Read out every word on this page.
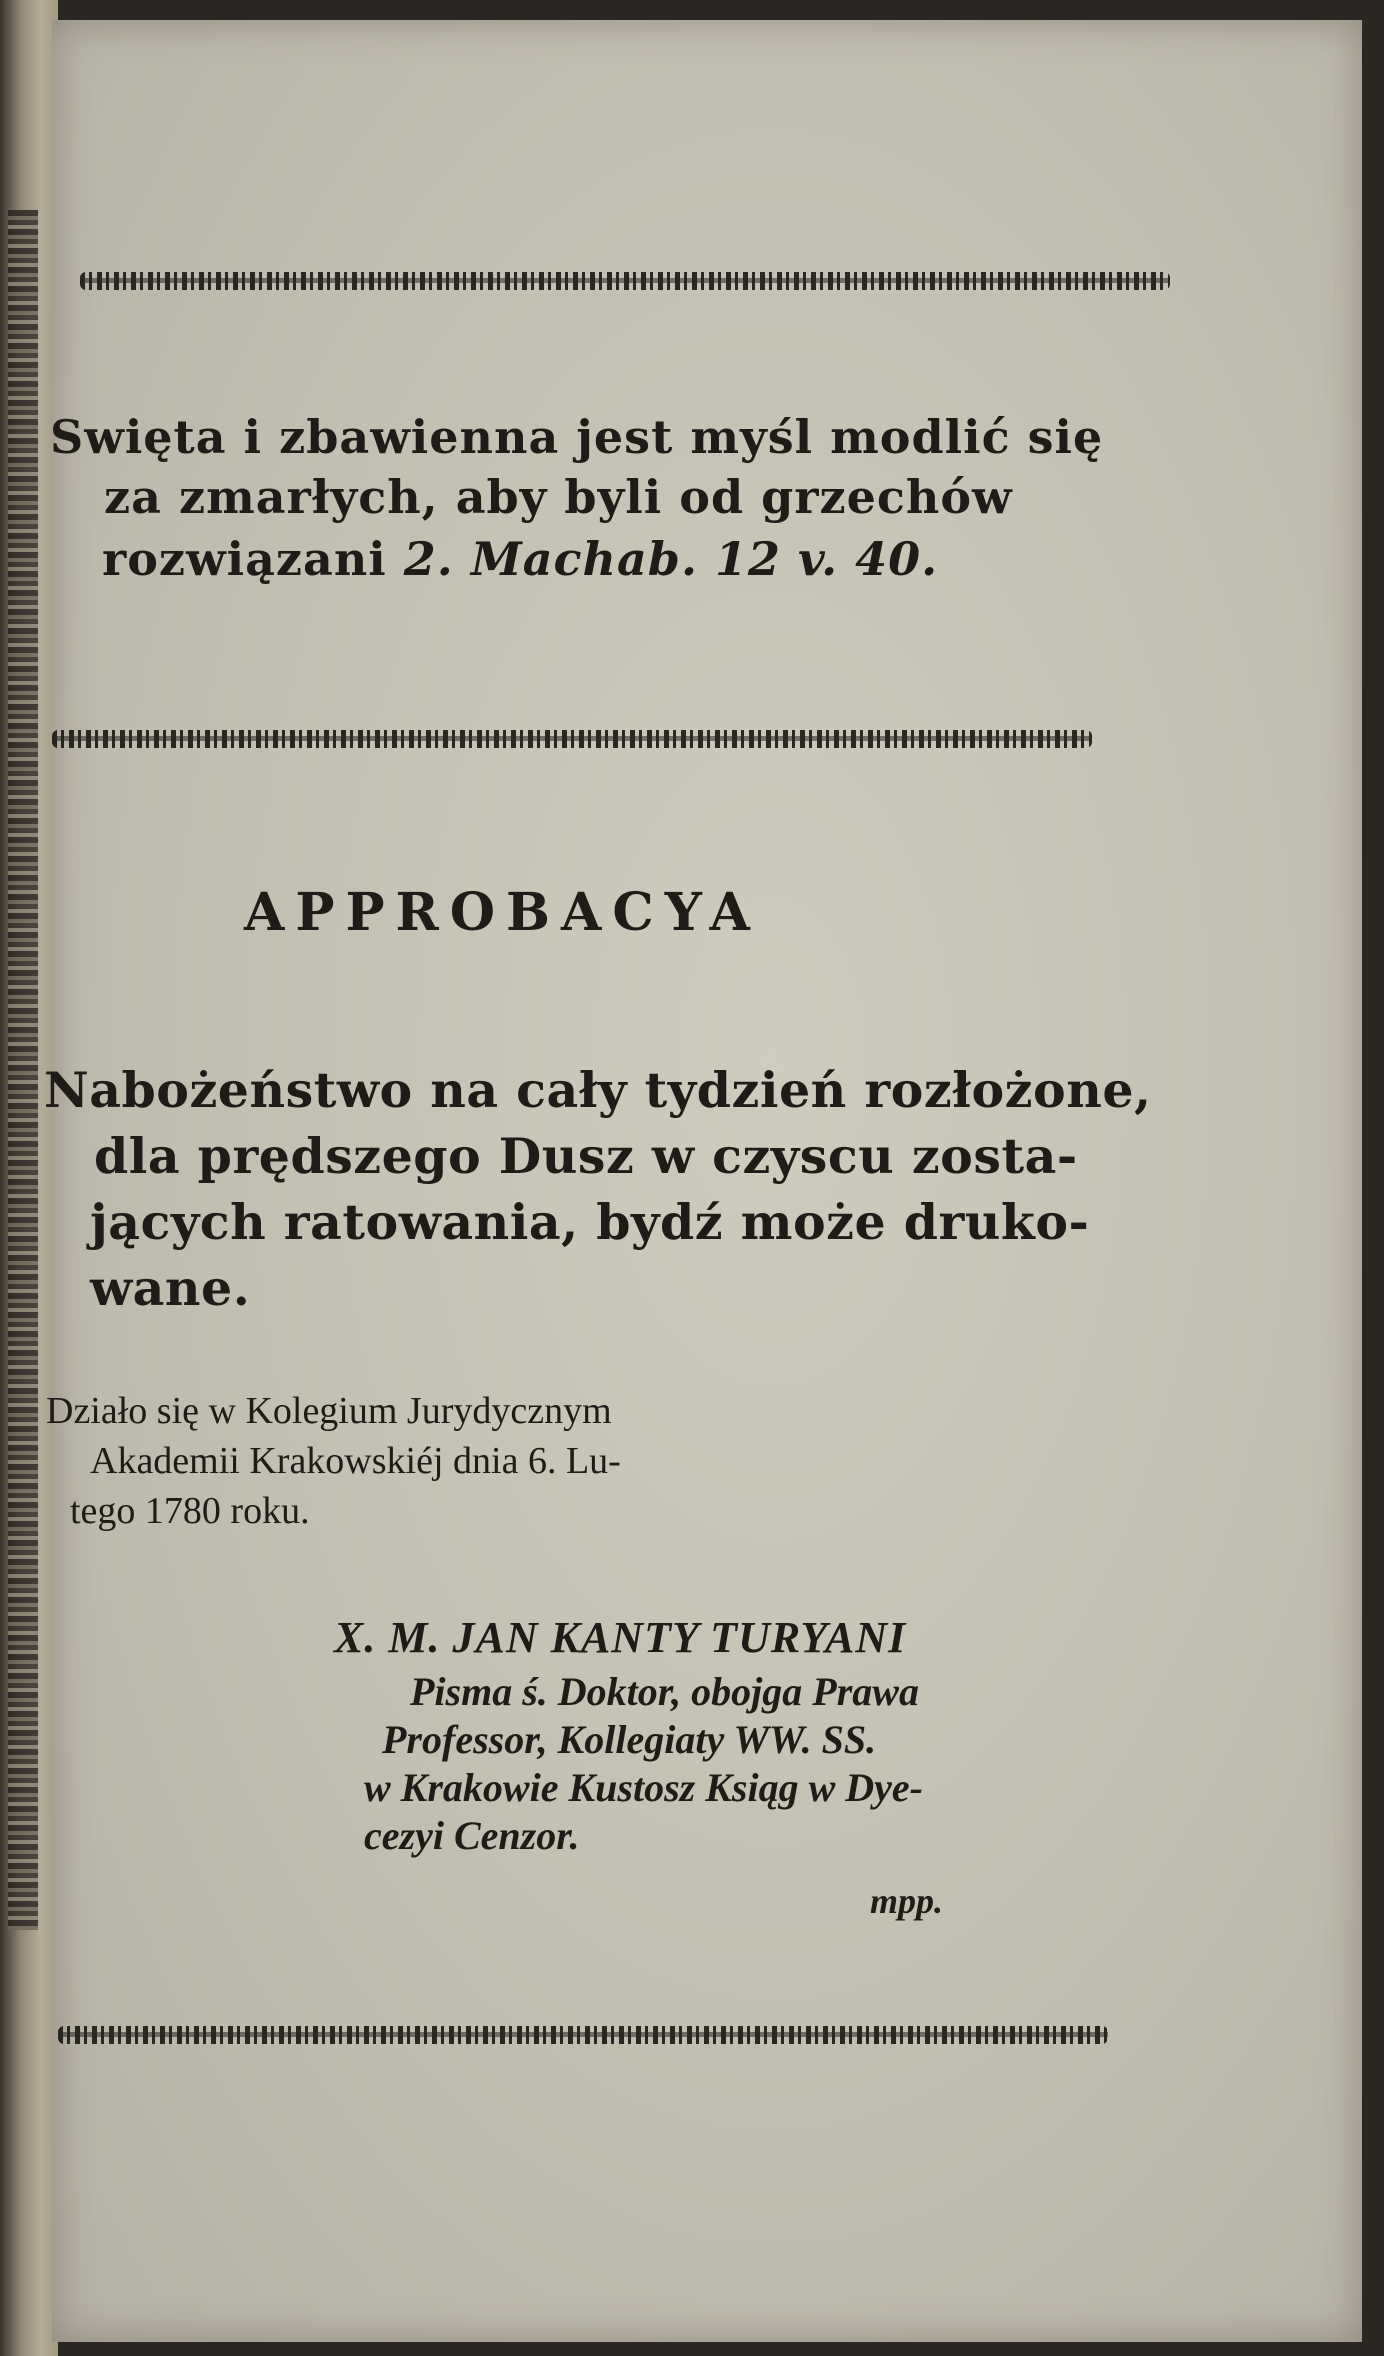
Swięta i zbawienna jest myśl modlić się
za zmarłych, aby byli od grzechów
rozwiązani 2. Machab. 12 v. 40.
APPROBACYA
Nabożeństwo na cały tydzień rozłożone,
dla prędszego Dusz w czyscu zosta-
jących ratowania, bydź może druko-
wane.
Działo się w Kolegium Jurydycznym
Akademii Krakowskiéj dnia 6. Lu-
tego 1780 roku.
X. M. JAN KANTY TURYANI
Pisma ś. Doktor, obojga Prawa
Professor, Kollegiaty WW. SS.
w Krakowie Kustosz Ksiąg w Dye-
cezyi Cenzor.
mpp.
